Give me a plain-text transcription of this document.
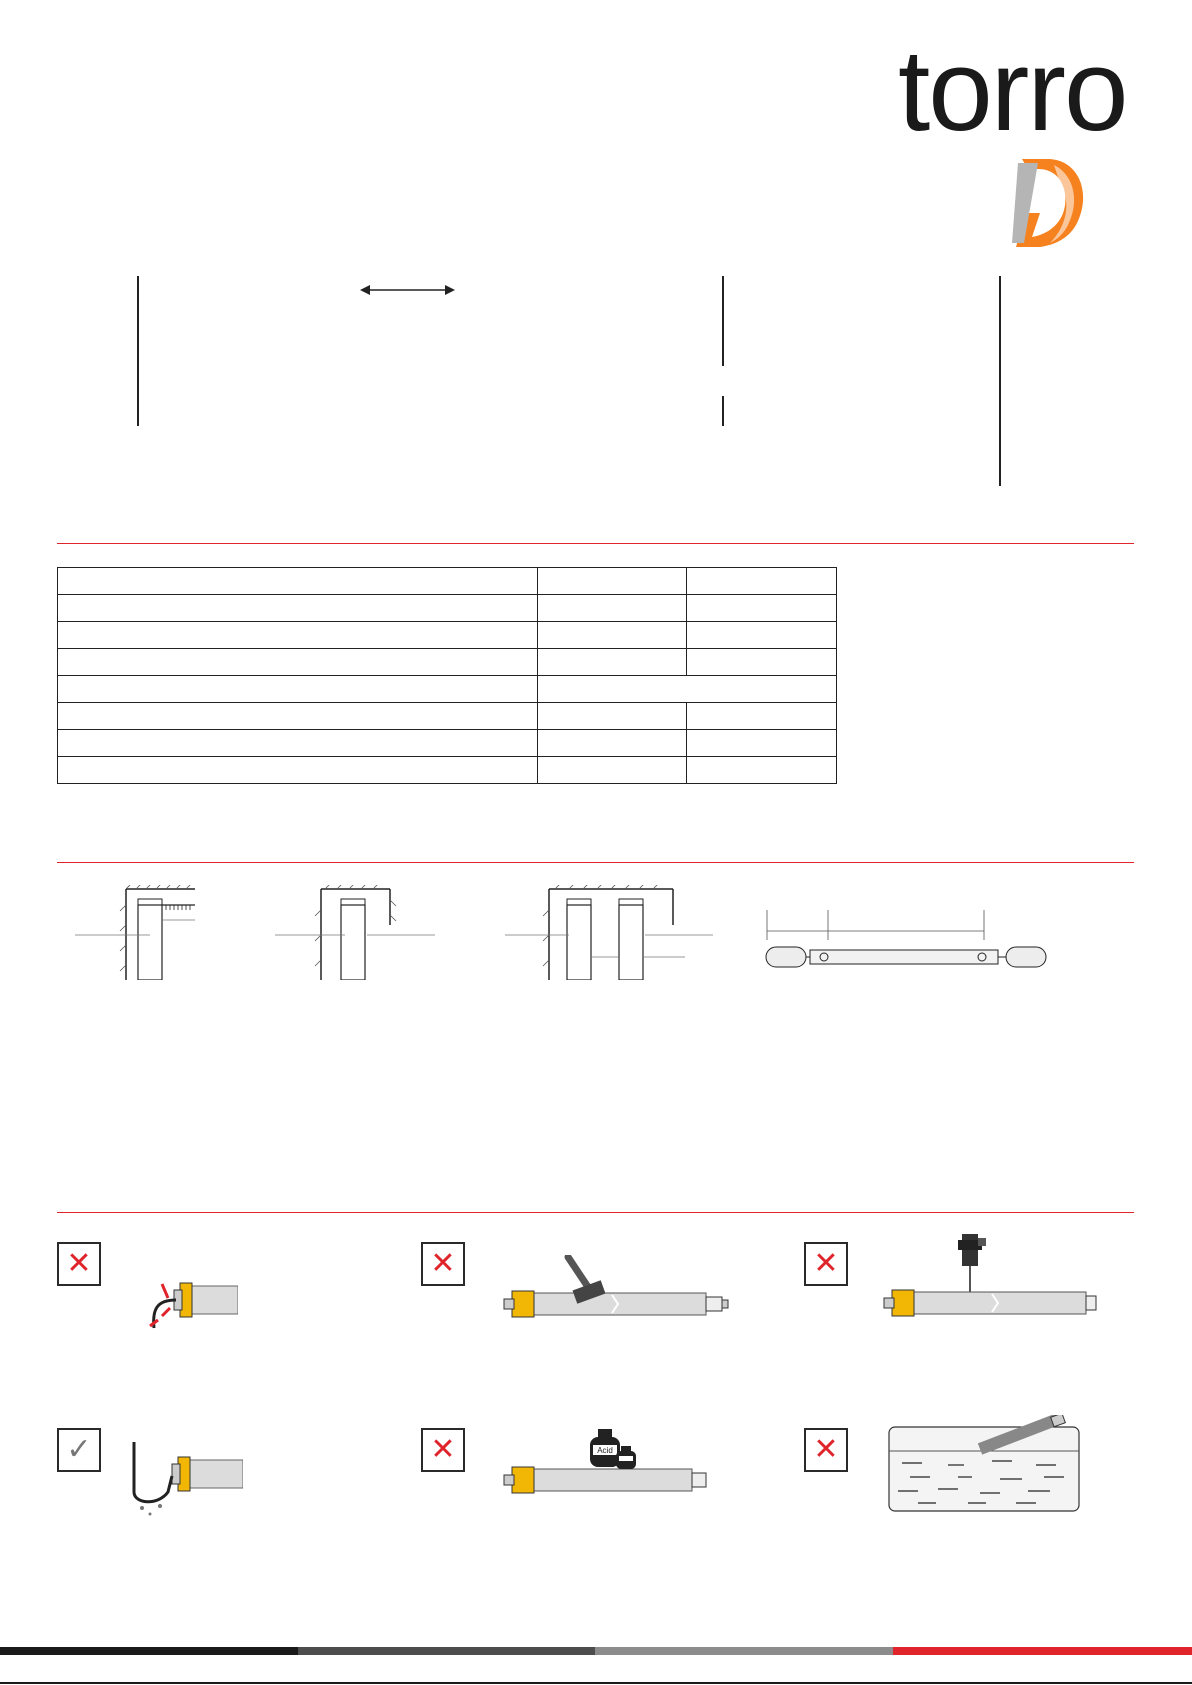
torro

✕	✕	✕
✓	✕	Acid	✕
